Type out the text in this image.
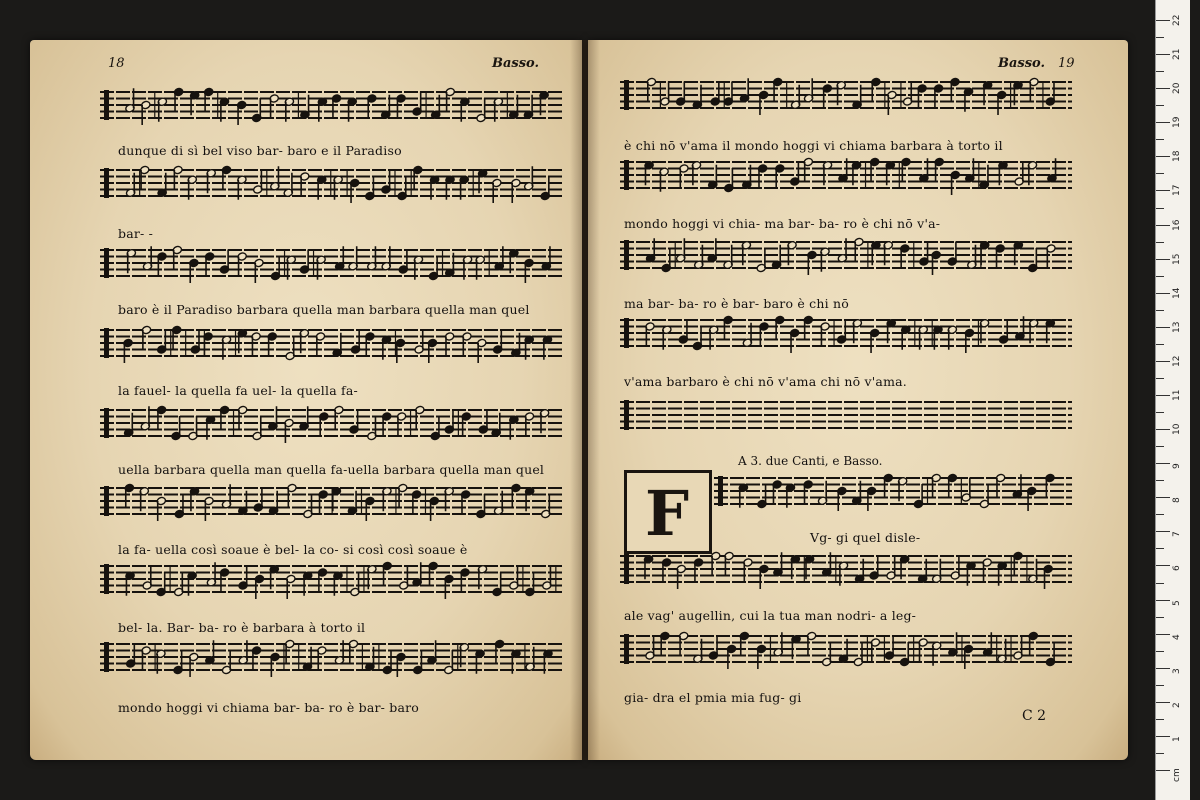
18	Basso.
dunque di sì bel viso bar- baro e il Paradiso
bar- -
baro è il Paradiso barbara quella man barbara quella man quel
la fauel- la quella fa uel- la quella fa-
uella barbara quella man quella fa-uella barbara quella man quel
la fa- uella così soaue è bel- la co- si così così soaue è
bel- la. Bar- ba- ro è barbara à torto il
mondo hoggi vi chiama bar- ba- ro è bar- baro
Basso. 19
è chi nō v'ama il mondo hoggi vi chiama barbara à torto il
mondo hoggi vi chia- ma bar- ba- ro è chi nō v'a-
ma bar- ba- ro è bar- baro è chi nō
v'ama barbaro è chi nō v'ama chi nō v'ama.
A 3. due Canti, e Basso.
F	Vg- gi quel disle-
ale vag' augellin, cui la tua man nodri- a leg-
gia- dra el pmia mia fug- gi
C 2
1
2
3
4
5
6
7
8
9
10
11
12
13
14
15
16
17
18
19
20
21
22
cm
